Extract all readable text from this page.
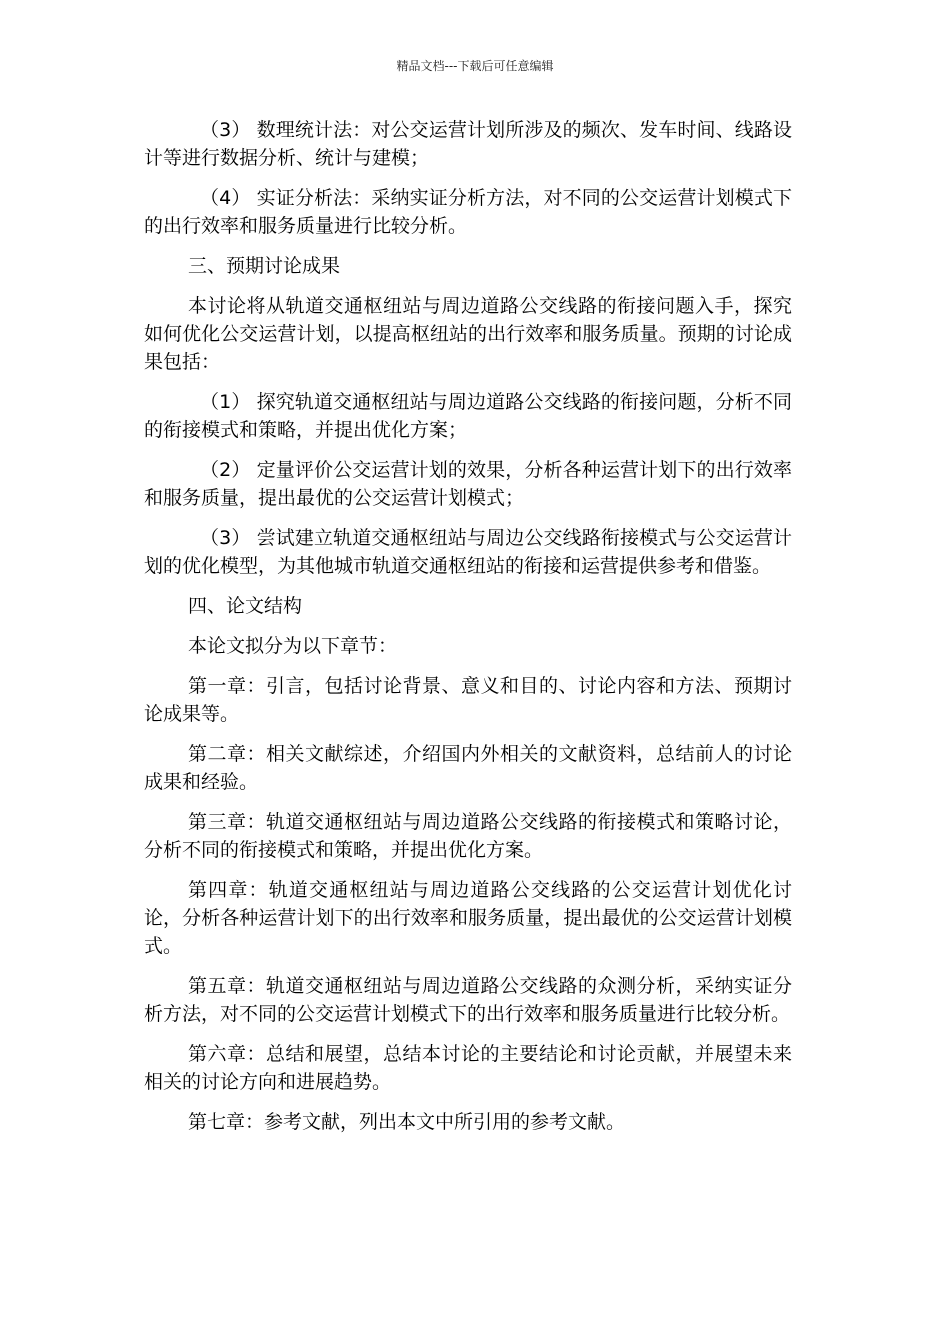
精品文档---下载后可任意编辑

（3） 数理统计法：对公交运营计划所涉及的频次、发车时间、线路设计等进行数据分析、统计与建模；

（4） 实证分析法：采纳实证分析方法，对不同的公交运营计划模式下的出行效率和服务质量进行比较分析。

三、预期讨论成果

本讨论将从轨道交通枢纽站与周边道路公交线路的衔接问题入手，探究如何优化公交运营计划，以提高枢纽站的出行效率和服务质量。预期的讨论成果包括：

（1） 探究轨道交通枢纽站与周边道路公交线路的衔接问题，分析不同的衔接模式和策略，并提出优化方案；

（2） 定量评价公交运营计划的效果，分析各种运营计划下的出行效率和服务质量，提出最优的公交运营计划模式；

（3） 尝试建立轨道交通枢纽站与周边公交线路衔接模式与公交运营计划的优化模型，为其他城市轨道交通枢纽站的衔接和运营提供参考和借鉴。

四、论文结构

本论文拟分为以下章节：

第一章：引言，包括讨论背景、意义和目的、讨论内容和方法、预期讨论成果等。

第二章：相关文献综述，介绍国内外相关的文献资料，总结前人的讨论成果和经验。

第三章：轨道交通枢纽站与周边道路公交线路的衔接模式和策略讨论，分析不同的衔接模式和策略，并提出优化方案。

第四章：轨道交通枢纽站与周边道路公交线路的公交运营计划优化讨论，分析各种运营计划下的出行效率和服务质量，提出最优的公交运营计划模式。

第五章：轨道交通枢纽站与周边道路公交线路的众测分析，采纳实证分析方法，对不同的公交运营计划模式下的出行效率和服务质量进行比较分析。

第六章：总结和展望，总结本讨论的主要结论和讨论贡献，并展望未来相关的讨论方向和进展趋势。

第七章：参考文献，列出本文中所引用的参考文献。
